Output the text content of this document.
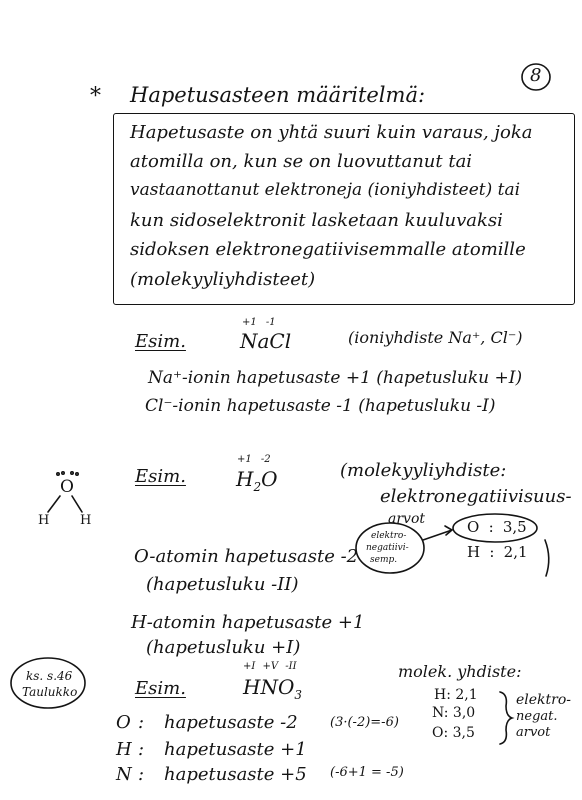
8
* Hapetusasteen määritelmä:
Hapetusaste on yhtä suuri kuin varaus, joka
atomilla on, kun se on luovuttanut tai
vastaanottanut elektroneja (ioniyhdisteet) tai
kun sidoselektronit lasketaan kuuluvaksi
sidoksen elektronegatiivisemmalle atomille
(molekyyliyhdisteet)
Esim.
+1 -1
NaCl	(ioniyhdiste Na⁺, Cl⁻)
Na⁺-ionin hapetusaste +1 (hapetusluku +I)
Cl⁻-ionin hapetusaste -1 (hapetusluku -I)
O
H H
Esim.
+1 -2
$H_2O$	(molekyyliyhdiste:
elektronegatiivisuus-
arvot	O : 3,5
H : 2,1
elektro-
negatiivi-
semp.
O-atomin hapetusaste -2
(hapetusluku -II)
H-atomin hapetusaste +1
(hapetusluku +I)
ks. s.46
Taulukko	Esim.
+I +V -II
$HNO_3$
molek. yhdiste:
H: 2,1
N: 3,0
O: 3,5
elektro-
negat.
arvot
O : hapetusaste -2 (3·(-2)=-6)
H : hapetusaste +1
N : hapetusaste +5 (-6+1 = -5)
